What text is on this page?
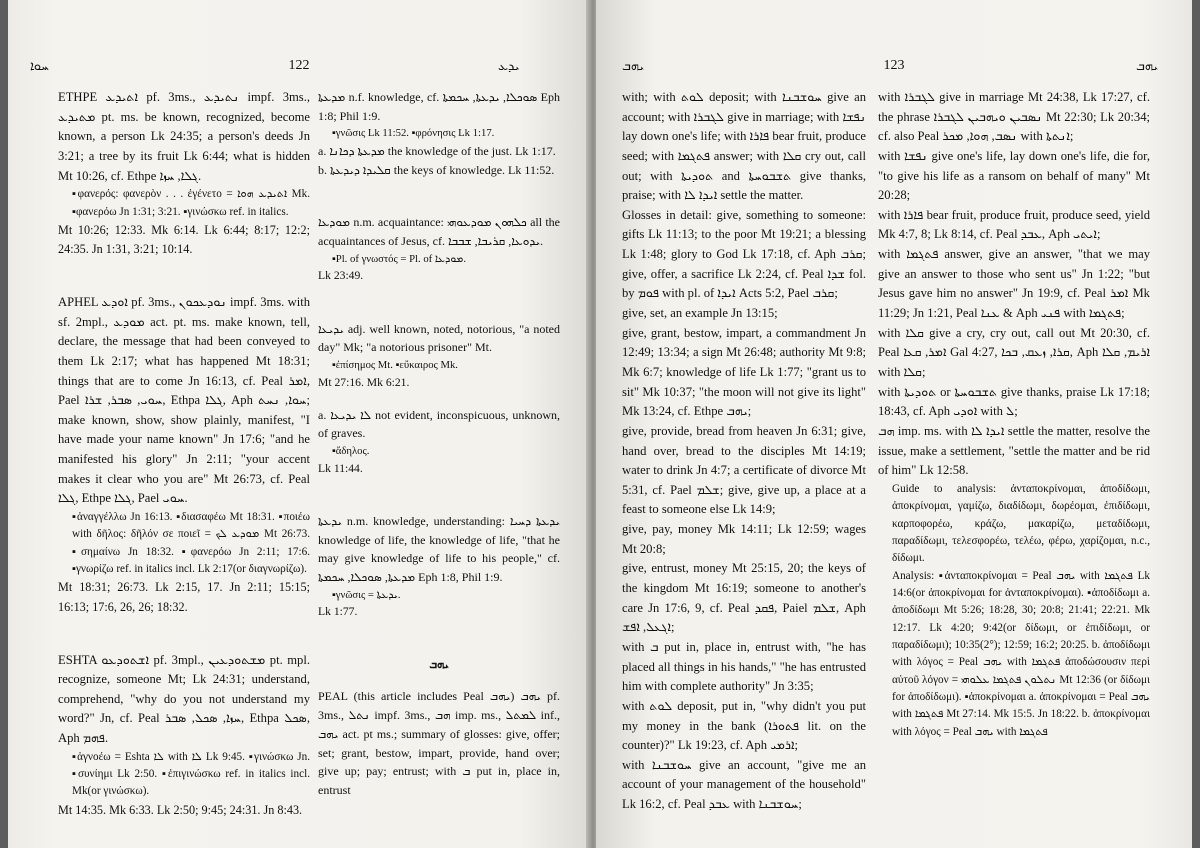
ܚܘܐ	122	ܝܕܥ

ETHPE ܐܬܝܕܥ pf. 3ms., ܢܬܝܕܥ impf. 3ms., ܡܬܝܕܥ pt. ms. be known, recognized, become known, a person Lk 24:35; a person's deeds Jn 3:21; a tree by its fruit Lk 6:44; what is hidden Mt 10:26, cf. Ethpe ܓܠܐ, ܚܙܐ.

▪φανερός: φανερὸν . . . ἐγένετο = ܐܬܝܕܥ ܗܘܐ Mk. ▪φανερόω Jn 1:31; 3:21. ▪γινώσκω ref. in italics.

Mt 10:26; 12:33. Mk 6:14. Lk 6:44; 8:17; 12:2; 24:35. Jn 1:31, 3:21; 10:14.

APHEL ܐܘܕܥ pf. 3ms., ܢܘܕܥܟܘܢ impf. 3ms. with sf. 2mpl., ܡܘܕܥ act. pt. ms. make known, tell, declare, the message that had been conveyed to them Lk 2:17; what has happened Mt 18:31; things that are to come Jn 16:13, cf. Peal ܐܡܪ, Pael ܚܘܝ, ܣܒܪ, ܫܪܐ, Ethpa ܓܠܐ, Aph ܚܘܐ, ܢܚܬ; make known, show, show plainly, manifest, "I have made your name known" Jn 17:6; "and he manifested his glory" Jn 2:11; "your accent makes it clear who you are" Mt 26:73, cf. Peal ܓܠܐ, Ethpe ܓܠܐ, Pael ܚܘܝ.

▪ἀναγγέλλω Jn 16:13. ▪διασαφέω Mt 18:31. ▪ποιέω with δῆλος: δῆλόν σε ποιεῖ = ܡܘܕܥ ܠܟ Mt 26:73. ▪σημαίνω Jn 18:32. ▪φανερόω Jn 2:11; 17:6. ▪γνωρίζω ref. in italics incl. Lk 2:17(or διαγνωρίζω).

Mt 18:31; 26:73. Lk 2:15, 17. Jn 2:11; 15:15; 16:13; 17:6, 26, 26; 18:32.

ESHTA ܐܫܬܘܕܥܘ pf. 3mpl., ܡܫܬܘܕܥܝܢ pt. mpl. recognize, someone Mt; Lk 24:31; understand, comprehend, "why do you not understand my word?" Jn, cf. Peal ܚܙܐ, ܣܟܠ, ܣܒܪ, Ethpa ܣܟܠ, Aph ܦܗܡ.

▪ἀγνοέω = Eshta ܠܐ with ܠܐ Lk 9:45. ▪γινώσκω Jn. ▪συνίημι Lk 2:50. ▪ἐπιγινώσκω ref. in italics incl. Mk(or γινώσκω).

Mt 14:35. Mk 6:33. Lk 2:50; 9:45; 24:31. Jn 8:43.

ܡܕܥܬܐ n.f. knowledge, cf. ܣܘܟܠܐ, ܝܕܥܬܐ, ܚܟܡܬܐ Eph 1:8; Phil 1:9.

▪γνῶσις Lk 11:52. ▪φρόνησις Lk 1:17.

a. ܡܕܥܬܐ ܕܟܐܢܐ the knowledge of the just. Lk 1:17.

b. ܩܠܝܕܐ ܕܝܕܥܬܐ the keys of knowledge. Lk 11:52.

ܡܘܕܥܐ n.m. acquaintance: ܟܠܗܘܢ ܡܘܕܥܘܗܝ all the acquaintances of Jesus, cf. ܝܕܘܥܐ, ܩܪܝܒܐ, ܫܒܒܐ.

▪Pl. of γνωστός = Pl. of ܡܘܕܥܐ.

Lk 23:49.

ܝܕܝܥܐ adj. well known, noted, notorious, "a noted day" Mk; "a notorious prisoner" Mt.

▪ἐπίσημος Mt. ▪εὔκαιρος Mk.

Mt 27:16. Mk 6:21.

a. ܠܐ ܝܕܝܥܐ not evident, inconspicuous, unknown, of graves.

▪ἄδηλος.

Lk 11:44.

ܝܕܥܬܐ n.m. knowledge, understanding: ܝܕܥܬܐ ܕܚܝܐ knowledge of life, the knowledge of life, "that he may give knowledge of life to his people," cf. ܡܕܥܬܐ, ܣܘܟܠܐ, ܚܟܡܬܐ Eph 1:8, Phil 1:9.

▪γνῶσις = ܝܕܥܬܐ.

Lk 1:77.

ܝܗܒ

PEAL (this article includes Peal ܝܗܒ) ܝܗܒ pf. 3ms., ܢܬܠ impf. 3ms., ܗܒ imp. ms., ܠܡܬܠ inf., ܝܗܒ act. pt ms.; summary of glosses: give, offer; set; grant, bestow, impart, provide, hand over; give up; pay; entrust; with ܒ put in, place in, entrust

ܝܗܒ	123	ܝܗܒ

with; with ܠܘܬ deposit; with ܚܘܫܒܢܐ give an account; with ܠܓܒܪܐ give in marriage; with ܢܦܫܐ lay down one's life; with ܦܐܪܐ bear fruit, produce seed; with ܦܬܓܡܐ answer; with ܩܠܐ cry out, call out; with ܬܘܕܝܬܐ and ܬܫܒܘܚܬܐ give thanks, praise; with ܐܝܕܐ ܠܐ settle the matter.

Glosses in detail: give, something to someone: gifts Lk 11:13; to the poor Mt 19:21; a blessing Lk 1:48; glory to God Lk 17:18, cf. Aph ܩܪܒ; give, offer, a sacrifice Lk 2:24, cf. Peal ܫܕܐ fol. by ܦܘܡ with pl. of ܐܝܕܐ Acts 5:2, Pael ܩܪܒ;

give, set, an example Jn 13:15;

give, grant, bestow, impart, a commandment Jn 12:49; 13:34; a sign Mt 26:48; authority Mt 9:8; Mk 6:7; knowledge of life Lk 1:77; "grant us to sit" Mk 10:37; "the moon will not give its light" Mk 13:24, cf. Ethpe ܝܗܒ;

give, provide, bread from heaven Jn 6:31; give, hand over, bread to the disciples Mt 14:19; water to drink Jn 4:7; a certificate of divorce Mt 5:31, cf. Pael ܫܠܡ; give, give up, a place at a feast to someone else Lk 14:9;

give, pay, money Mk 14:11; Lk 12:59; wages Mt 20:8;

give, entrust, money Mt 25:15, 20; the keys of the kingdom Mt 16:19; someone to another's care Jn 17:6, 9, cf. Peal ܦܩܕ, Paiel ܫܠܡ, Aph ܐܓܥܠ, ܐܦܫ;

with ܒ put in, place in, entrust with, "he has placed all things in his hands," "he has entrusted him with complete authority" Jn 3:35;

with ܠܘܬ deposit, put in, "why didn't you put my money in the bank (ܦܬܘܪܐ lit. on the counter)?" Lk 19:23, cf. Aph ܐܪܡܝ;

with ܚܘܫܒܢܐ give an account, "give me an account of your management of the household" Lk 16:2, cf. Peal ܥܒܕ with ܚܘܫܒܢܐ;

with ܠܓܒܪܐ give in marriage Mt 24:38, Lk 17:27, cf. the phrase ܢܣܒܝܢ ܘܝܗܒܝܢ ܠܓܒܪܐ Mt 22:30; Lk 20:34; cf. also Peal ܢܣܒ, ܗܘܐ, ܡܟܪ with ܐܢܬܬܐ;

with ܢܦܫܐ give one's life, lay down one's life, die for, "to give his life as a ransom on behalf of many" Mt 20:28;

with ܦܐܪܐ bear fruit, produce fruit, produce seed, yield Mk 4:7, 8; Lk 8:14, cf. Peal ܥܒܕ, Aph ܐܝܬܝ;

with ܦܬܓܡܐ answer, give an answer, "that we may give an answer to those who sent us" Jn 1:22; "but Jesus gave him no answer" Jn 19:9, cf. Peal ܐܡܪ Mk 11:29; Jn 1:21, Peal ܥܢܐ & Aph ܦܢܝ with ܦܬܓܡܐ;

with ܩܠܐ give a cry, cry out, call out Mt 20:30, cf. Peal ܐܡܪ, ܩܥܐ Gal 4:27, ܩܪܐ, ܙܥܩ, ܒܟܐ, Aph ܐܪܝܡ, ܩܠܐ with ܩܠܐ;

with ܬܘܕܝܬܐ or ܬܫܒܘܚܬܐ give thanks, praise Lk 17:18; 18:43, cf. Aph ܐܘܕܝ with ܠ;

ܗܒ imp. ms. with ܐܝܕܐ ܠܐ settle the matter, resolve the issue, make a settlement, "settle the matter and be rid of him" Lk 12:58.

Guide to analysis: ἀνταποκρίνομαι, ἀποδίδωμι, ἀποκρίνομαι, γαμίζω, διαδίδωμι, δωρέομαι, ἐπιδίδωμι, καρποφορέω, κράζω, μακαρίζω, μεταδίδωμι, παραδίδωμι, τελεσφορέω, τελέω, φέρω, χαρίζομαι, n.c., δίδωμι.

Analysis: ▪ἀνταποκρίνομαι = Peal ܝܗܒ with ܦܬܓܡܐ Lk 14:6(or ἀποκρίνομαι for ἀνταποκρίνομαι). ▪ἀποδίδωμι a. ἀποδίδωμι Mt 5:26; 18:28, 30; 20:8; 21:41; 22:21. Mk 12:17. Lk 4:20; 9:42(or δίδωμι, or ἐπιδίδωμι, or παραδίδωμι); 10:35(2°); 12:59; 16:2; 20:25. b. ἀποδίδωμι with λόγος = Peal ܝܗܒ with ܦܬܓܡܐ ἀποδώσουσιν περὶ αὐτοῦ λόγον = ܢܬܠܘܢ ܦܬܓܡܐ ܥܠܘܗܝ Mt 12:36 (or δίδωμι for ἀποδίδωμι). ▪ἀποκρίνομαι a. ἀποκρίνομαι = Peal ܝܗܒ with ܦܬܓܡܐ Mt 27:14. Mk 15:5. Jn 18:22. b. ἀποκρίνομαι with λόγος = Peal ܝܗܒ with ܦܬܓܡܐ
